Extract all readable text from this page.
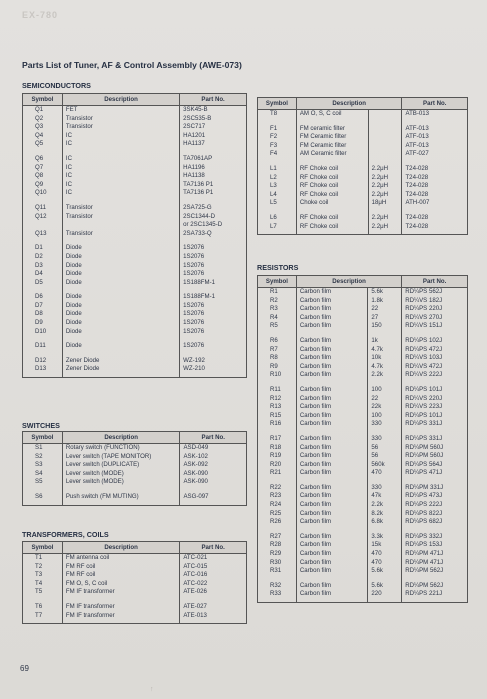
EX-780
Parts List of Tuner, AF & Control Assembly (AWE-073)
SEMICONDUCTORS
Symbol	Description	Part No.
Q1	FET	3SK45-B
Q2	Transistor	2SC535-B
Q3	Transistor	2SC717
Q4	IC	HA1201
Q5	IC	HA1137
Q6	IC	TA7061AP
Q7	IC	HA1196
Q8	IC	HA1138
Q9	IC	TA7136 P1
Q10	IC	TA7136 P1
Q11	Transistor	2SA725-G
Q12	Transistor	2SC1344-D
		or 2SC1345-D
Q13	Transistor	2SA733-Q
D1	Diode	1S2076
D2	Diode	1S2076
D3	Diode	1S2076
D4	Diode	1S2076
D5	Diode	1S188FM-1
D6	Diode	1S188FM-1
D7	Diode	1S2076
D8	Diode	1S2076
D9	Diode	1S2076
D10	Diode	1S2076
D11	Diode	1S2076
D12	Zener Diode	WZ-192
D13	Zener Diode	WZ-210
SWITCHES
Symbol	Description	Part No.
S1	Rotary switch (FUNCTION)	ASD-049
S2	Lever switch (TAPE MONITOR)	ASK-102
S3	Lever switch (DUPLICATE)	ASK-092
S4	Lever switch (MODE)	ASK-090
S5	Lever switch (MODE)	ASK-090
S6	Push switch (FM MUTING)	ASG-097
TRANSFORMERS, COILS
Symbol	Description	Part No.
T1	FM antenna coil	ATC-021
T2	FM RF coil	ATC-015
T3	FM RF coil	ATC-016
T4	FM O, S, C coil	ATC-022
T5	FM IF transformer	ATE-026
T6	FM IF transformer	ATE-027
T7	FM IF transformer	ATE-013
Symbol	Description		Part No.
T8	AM O, S, C coil		ATB-013
F1	FM ceramic filter		ATF-013
F2	FM Ceramic filter		ATF-013
F3	FM Ceramic filter		ATF-013
F4	AM Ceramic filter		ATF-027
L1	RF Choke coil	2.2μH	T24-028
L2	RF Choke coil	2.2μH	T24-028
L3	RF Choke coil	2.2μH	T24-028
L4	RF Choke coil	2.2μH	T24-028
L5	Choke coil	18μH	ATH-007
L6	RF Choke coil	2.2μH	T24-028
L7	RF Choke coil	2.2μH	T24-028
RESISTORS
Symbol	Description		Part No.
R1	Carbon film	5.6k	RD¼PS 562J
R2	Carbon film	1.8k	RD¼VS 182J
R3	Carbon film	22	RD¼PS 220J
R4	Carbon film	27	RD¼VS 270J
R5	Carbon film	150	RD¼VS 151J
R6	Carbon film	1k	RD¼PS 102J
R7	Carbon film	4.7k	RD¼PS 472J
R8	Carbon film	10k	RD¼VS 103J
R9	Carbon film	4.7k	RD¼VS 472J
R10	Carbon film	2.2k	RD¼VS 222J
R11	Carbon film	100	RD¼PS 101J
R12	Carbon film	22	RD¼VS 220J
R13	Carbon film	22k	RD¼VS 223J
R15	Carbon film	100	RD¼PS 101J
R16	Carbon film	330	RD¼PS 331J
R17	Carbon film	330	RD¼PS 331J
R18	Carbon film	56	RD¼PM 560J
R19	Carbon film	56	RD¼PM 560J
R20	Carbon film	560k	RD¼PS 564J
R21	Carbon film	470	RD¼PS 471J
R22	Carbon film	330	RD¼PM 331J
R23	Carbon film	47k	RD¼PS 473J
R24	Carbon film	2.2k	RD¼PS 222J
R25	Carbon film	8.2k	RD¼PS 822J
R26	Carbon film	6.8k	RD¼PS 682J
R27	Carbon film	3.3k	RD¼PS 332J
R28	Carbon film	15k	RD¼PS 153J
R29	Carbon film	470	RD¼PM 471J
R30	Carbon film	470	RD¼PM 471J
R31	Carbon film	5.6k	RD¼PM 562J
R32	Carbon film	5.6k	RD¼PM 562J
R33	Carbon film	220	RD¼PS 221J
69
↑
